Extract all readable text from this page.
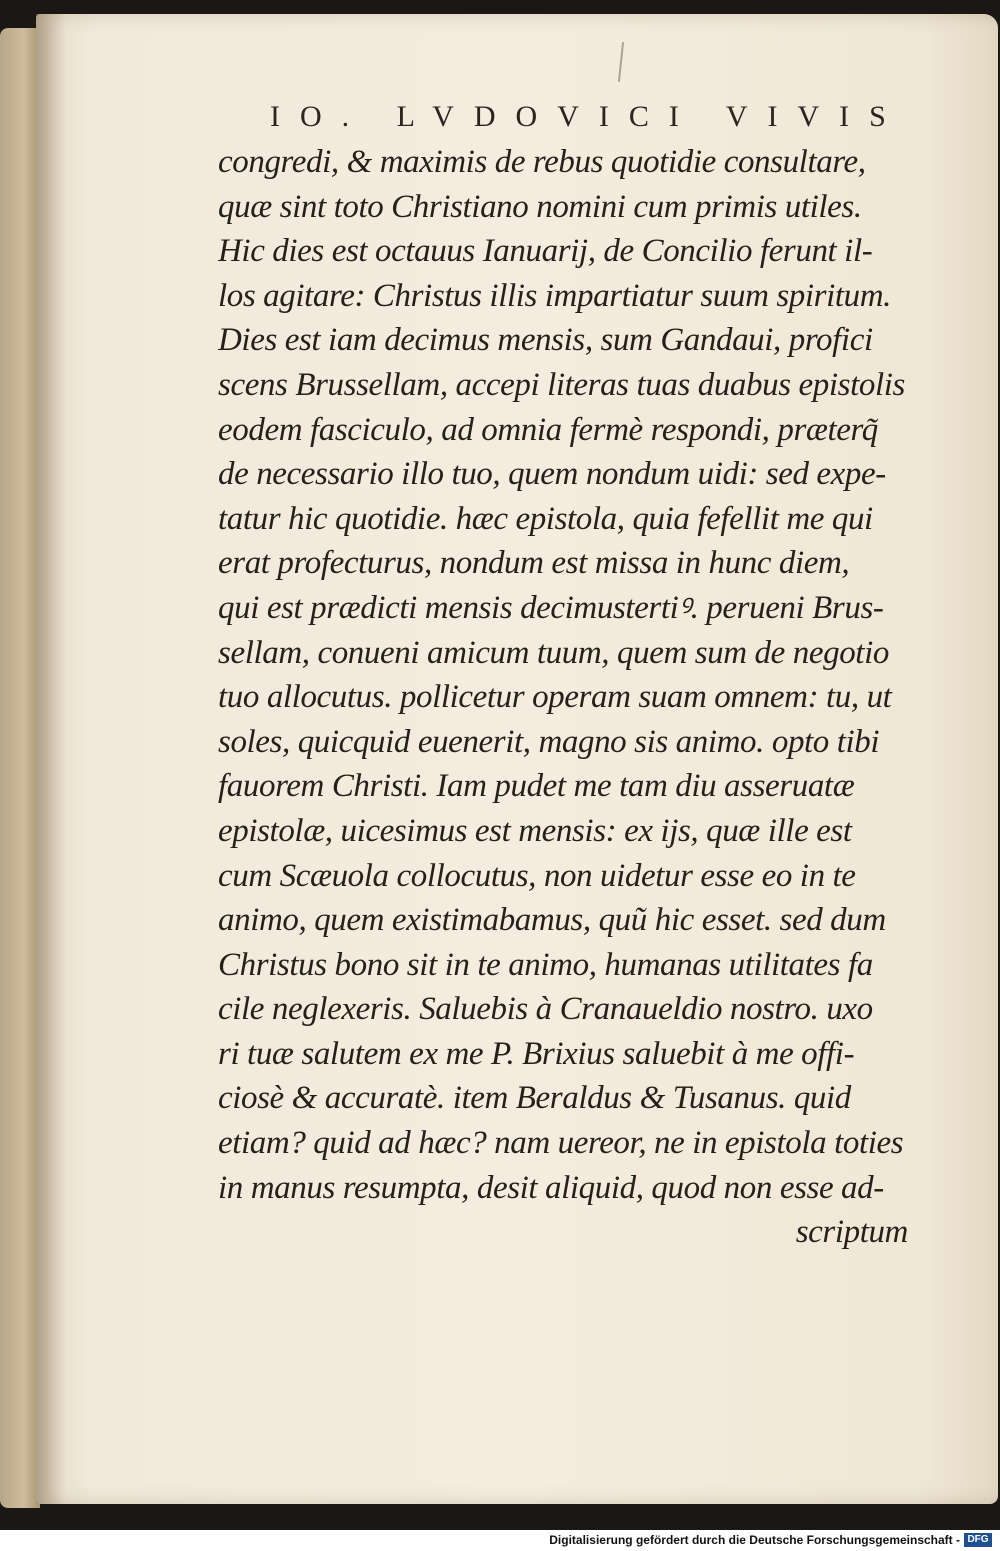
IO. LVDOVICI VIVIS
congredi, & maximis de rebus quotidie consultare,
quæ sint toto Christiano nomini cum primis utiles.
Hic dies est octauus Ianuarij, de Concilio ferunt il-
los agitare: Christus illis impartiatur suum spiritum.
Dies est iam decimus mensis, sum Gandaui, profici
scens Brussellam, accepi literas tuas duabus epistolis
eodem fasciculo, ad omnia fermè respondi, præterq̃
de necessario illo tuo, quem nondum uidi: sed expe-
tatur hic quotidie. hæc epistola, quia fefellit me qui
erat profecturus, nondum est missa in hunc diem,
qui est prædicti mensis decimustertiꝰ. perueni Brus-
sellam, conueni amicum tuum, quem sum de negotio
tuo allocutus. pollicetur operam suam omnem: tu, ut
soles, quicquid euenerit, magno sis animo. opto tibi
fauorem Christi. Iam pudet me tam diu asseruatæ
epistolæ, uicesimus est mensis: ex ijs, quæ ille est
cum Scæuola collocutus, non uidetur esse eo in te
animo, quem existimabamus, quũ hic esset. sed dum
Christus bono sit in te animo, humanas utilitates fa
cile neglexeris. Saluebis à Cranaueldio nostro. uxo
ri tuæ salutem ex me P. Brixius saluebit à me offi-
ciosè & accuratè. item Beraldus & Tusanus. quid
etiam? quid ad hæc? nam uereor, ne in epistola toties
in manus resumpta, desit aliquid, quod non esse ad-
scriptum
Digitalisierung gefördert durch die Deutsche Forschungsgemeinschaft - DFG
